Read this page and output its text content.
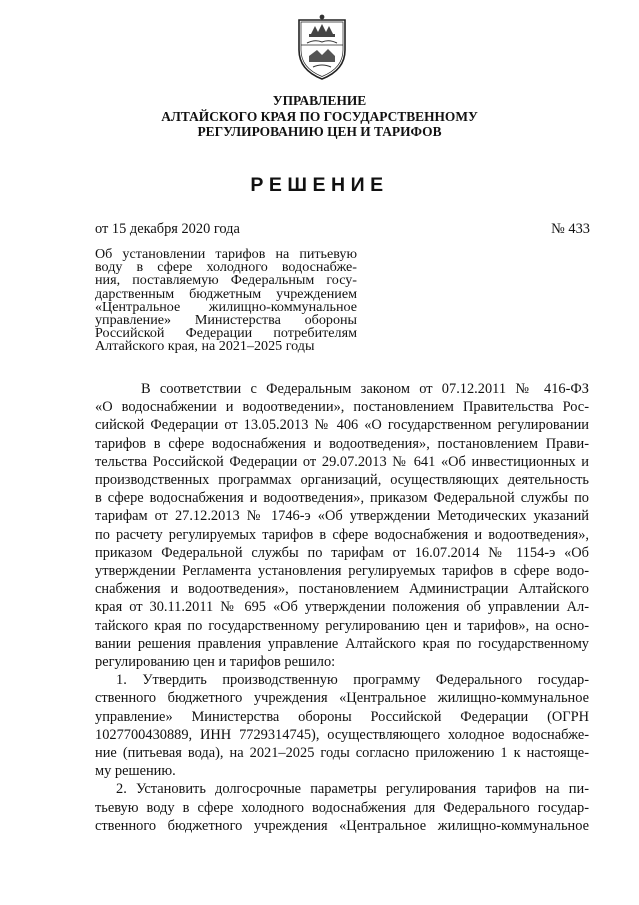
УПРАВЛЕНИЕ
АЛТАЙСКОГО КРАЯ ПО ГОСУДАРСТВЕННОМУ
РЕГУЛИРОВАНИЮ ЦЕН И ТАРИФОВ
РЕШЕНИЕ
от 15 декабря 2020 года	№ 433
Об установлении тарифов на питьевую
воду в сфере холодного водоснабже-
ния, поставляемую Федеральным госу-
дарственным бюджетным учреждением
«Центральное жилищно-коммунальное
управление» Министерства обороны
Российской Федерации потребителям
Алтайского края, на 2021–2025 годы
В соответствии с Федеральным законом от 07.12.2011 № 416-ФЗ
«О водоснабжении и водоотведении», постановлением Правительства Рос-
сийской Федерации от 13.05.2013 № 406 «О государственном регулировании
тарифов в сфере водоснабжения и водоотведения», постановлением Прави-
тельства Российской Федерации от 29.07.2013 № 641 «Об инвестиционных и
производственных программах организаций, осуществляющих деятельность
в сфере водоснабжения и водоотведения», приказом Федеральной службы по
тарифам от 27.12.2013 № 1746-э «Об утверждении Методических указаний
по расчету регулируемых тарифов в сфере водоснабжения и водоотведения»,
приказом Федеральной службы по тарифам от 16.07.2014 № 1154-э «Об
утверждении Регламента установления регулируемых тарифов в сфере водо-
снабжения и водоотведения», постановлением Администрации Алтайского
края от 30.11.2011 № 695 «Об утверждении положения об управлении Ал-
тайского края по государственному регулированию цен и тарифов», на осно-
вании решения правления управление Алтайского края по государственному
регулированию цен и тарифов решило:
1. Утвердить производственную программу Федерального государ-
ственного бюджетного учреждения «Центральное жилищно-коммунальное
управление» Министерства обороны Российской Федерации (ОГРН
1027700430889, ИНН 7729314745), осуществляющего холодное водоснабже-
ние (питьевая вода), на 2021–2025 годы согласно приложению 1 к настояще-
му решению.
2. Установить долгосрочные параметры регулирования тарифов на пи-
тьевую воду в сфере холодного водоснабжения для Федерального государ-
ственного бюджетного учреждения «Центральное жилищно-коммунальное
